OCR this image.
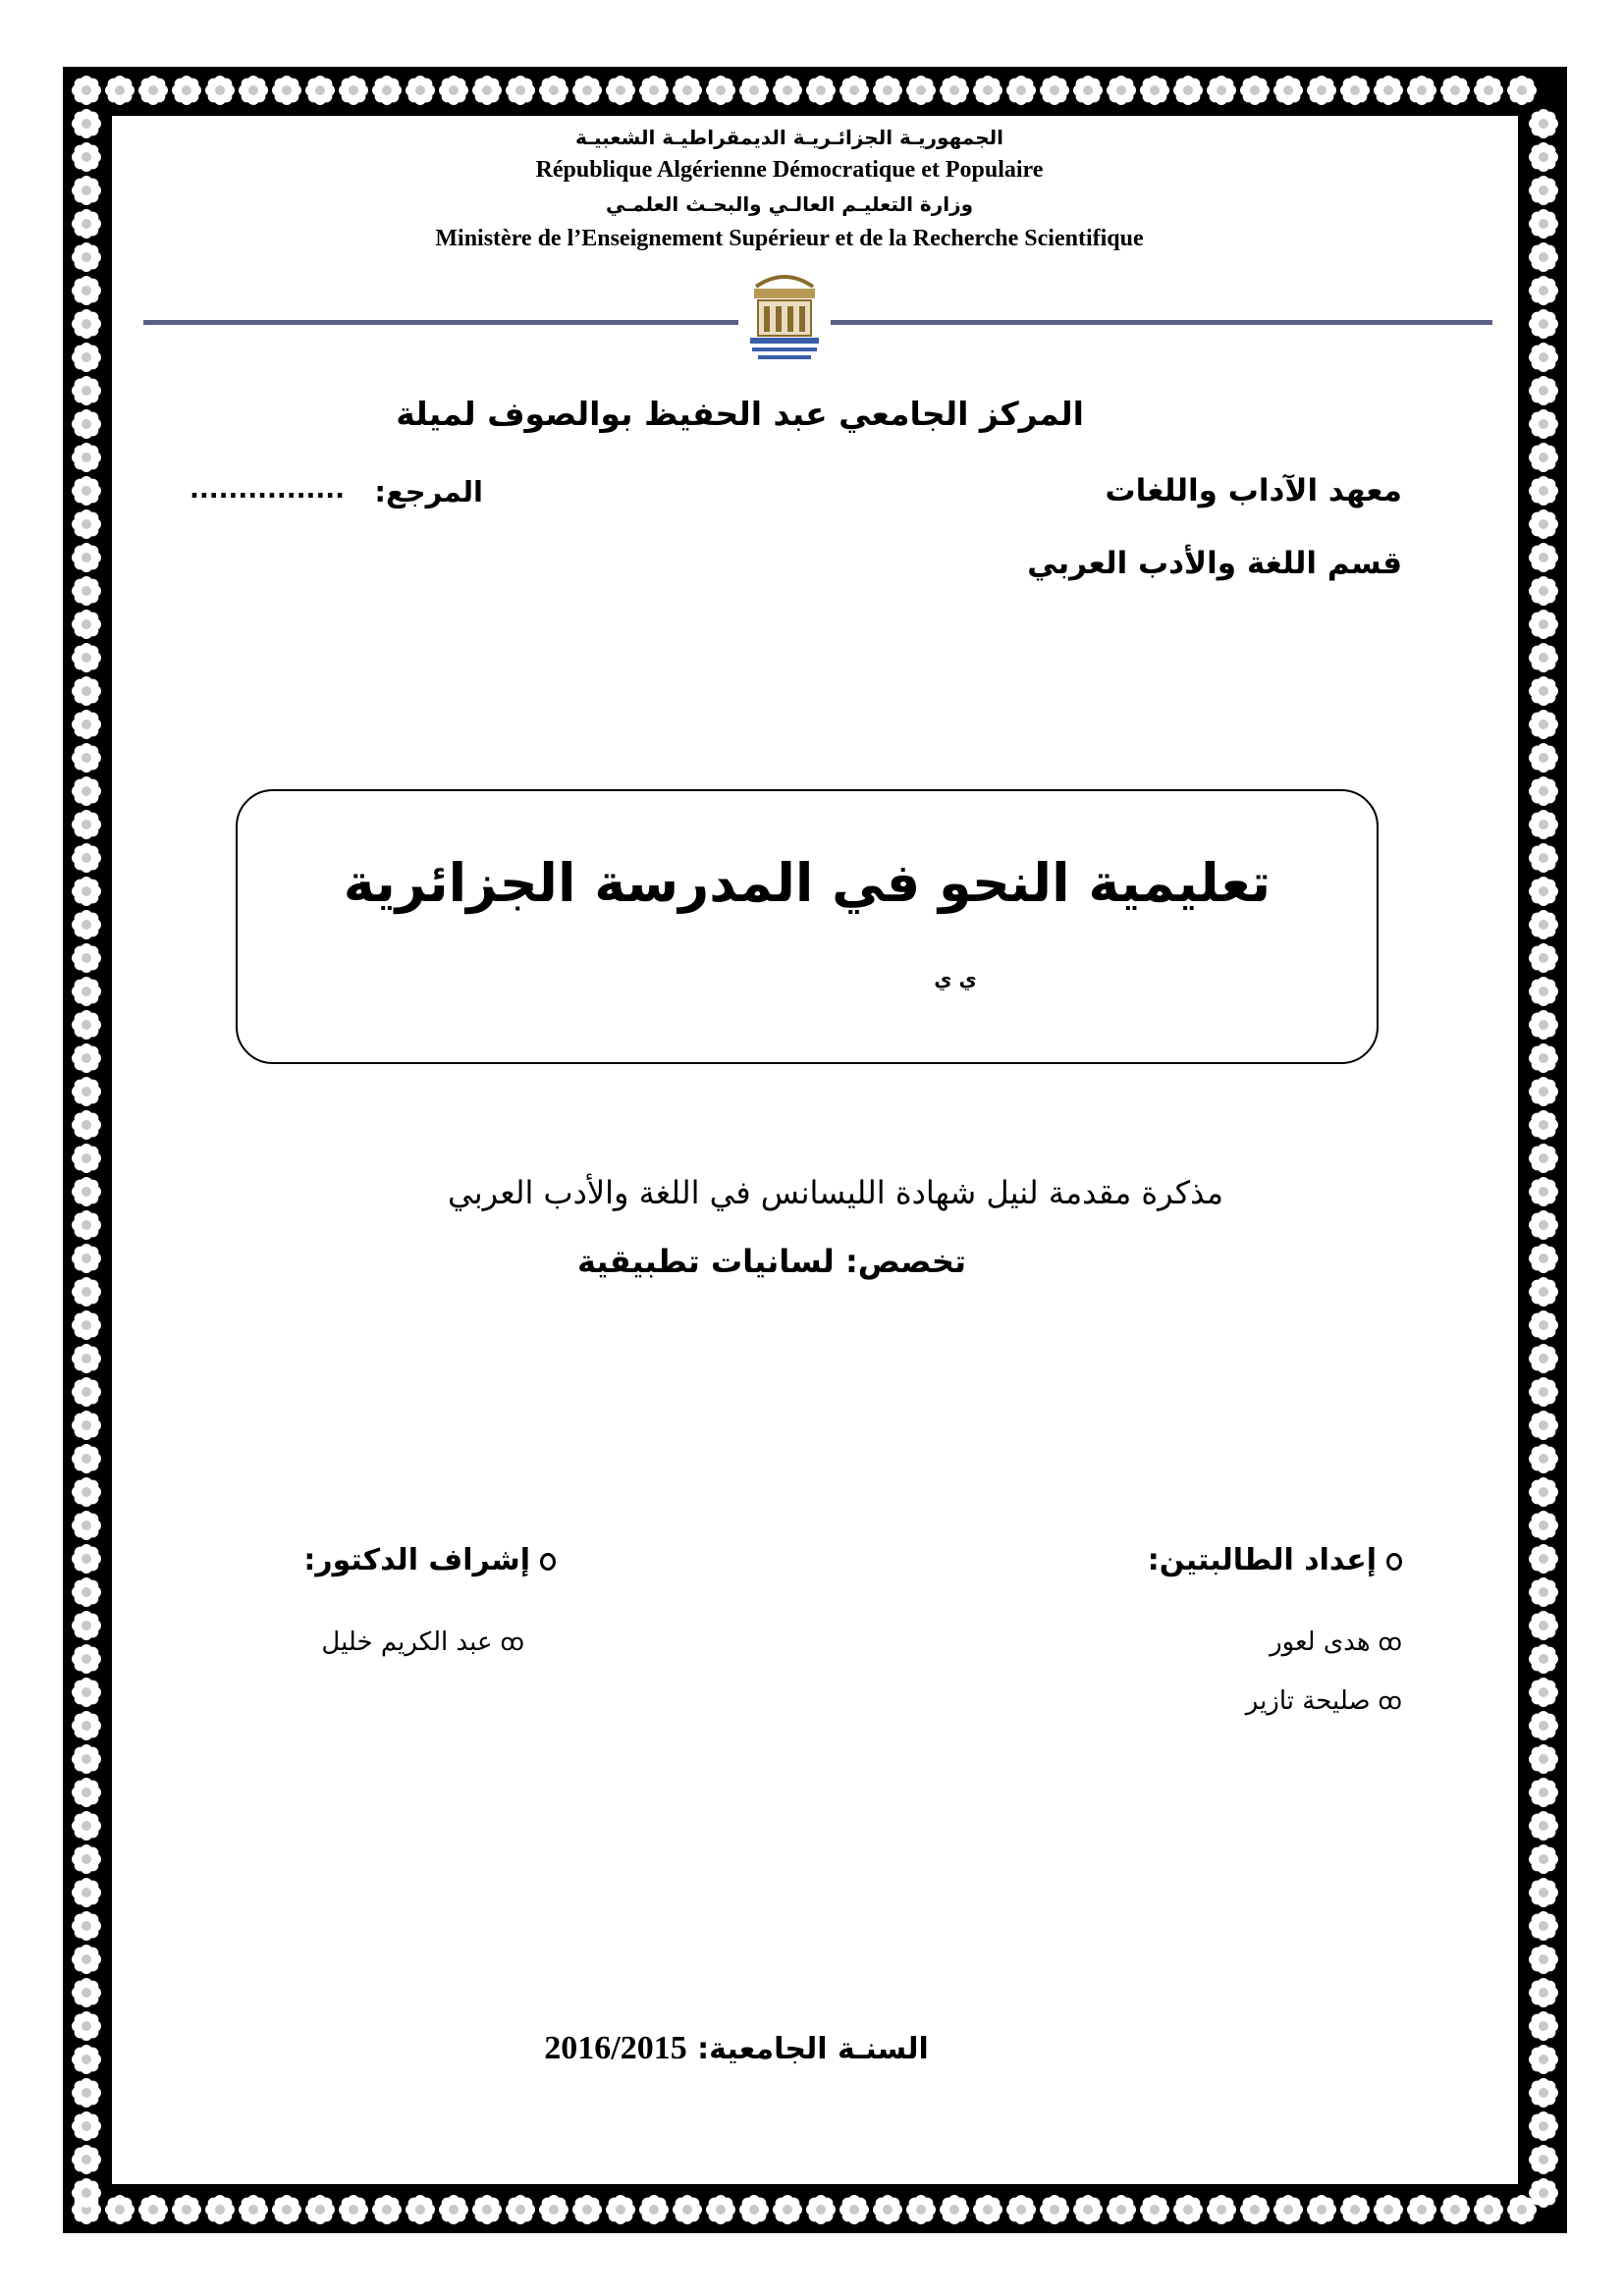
الجمهوريـة الجزائـريـة الديمقراطيـة الشعبيـة
République Algérienne Démocratique et Populaire
وزارة التعليـم العالـي والبحـث العلمـي
Ministère de l’Enseignement Supérieur et de la Recherche Scientifique
المركز الجامعي عبد الحفيظ بوالصوف لميلة
معهد الآداب واللغات
المرجع:
................
قسم اللغة والأدب العربي
تعليمية النحو في المدرسة الجزائرية
ي ي
مذكرة مقدمة لنيل شهادة الليسانس في اللغة والأدب العربي
تخصص: لسانيات تطبيقية
إعداد الطالبتين:
ꝏهدى لعور
ꝏصليحة تازير
إشراف الدكتور:
ꝏعبد الكريم خليل
السنـة الجامعية: 2016/2015
